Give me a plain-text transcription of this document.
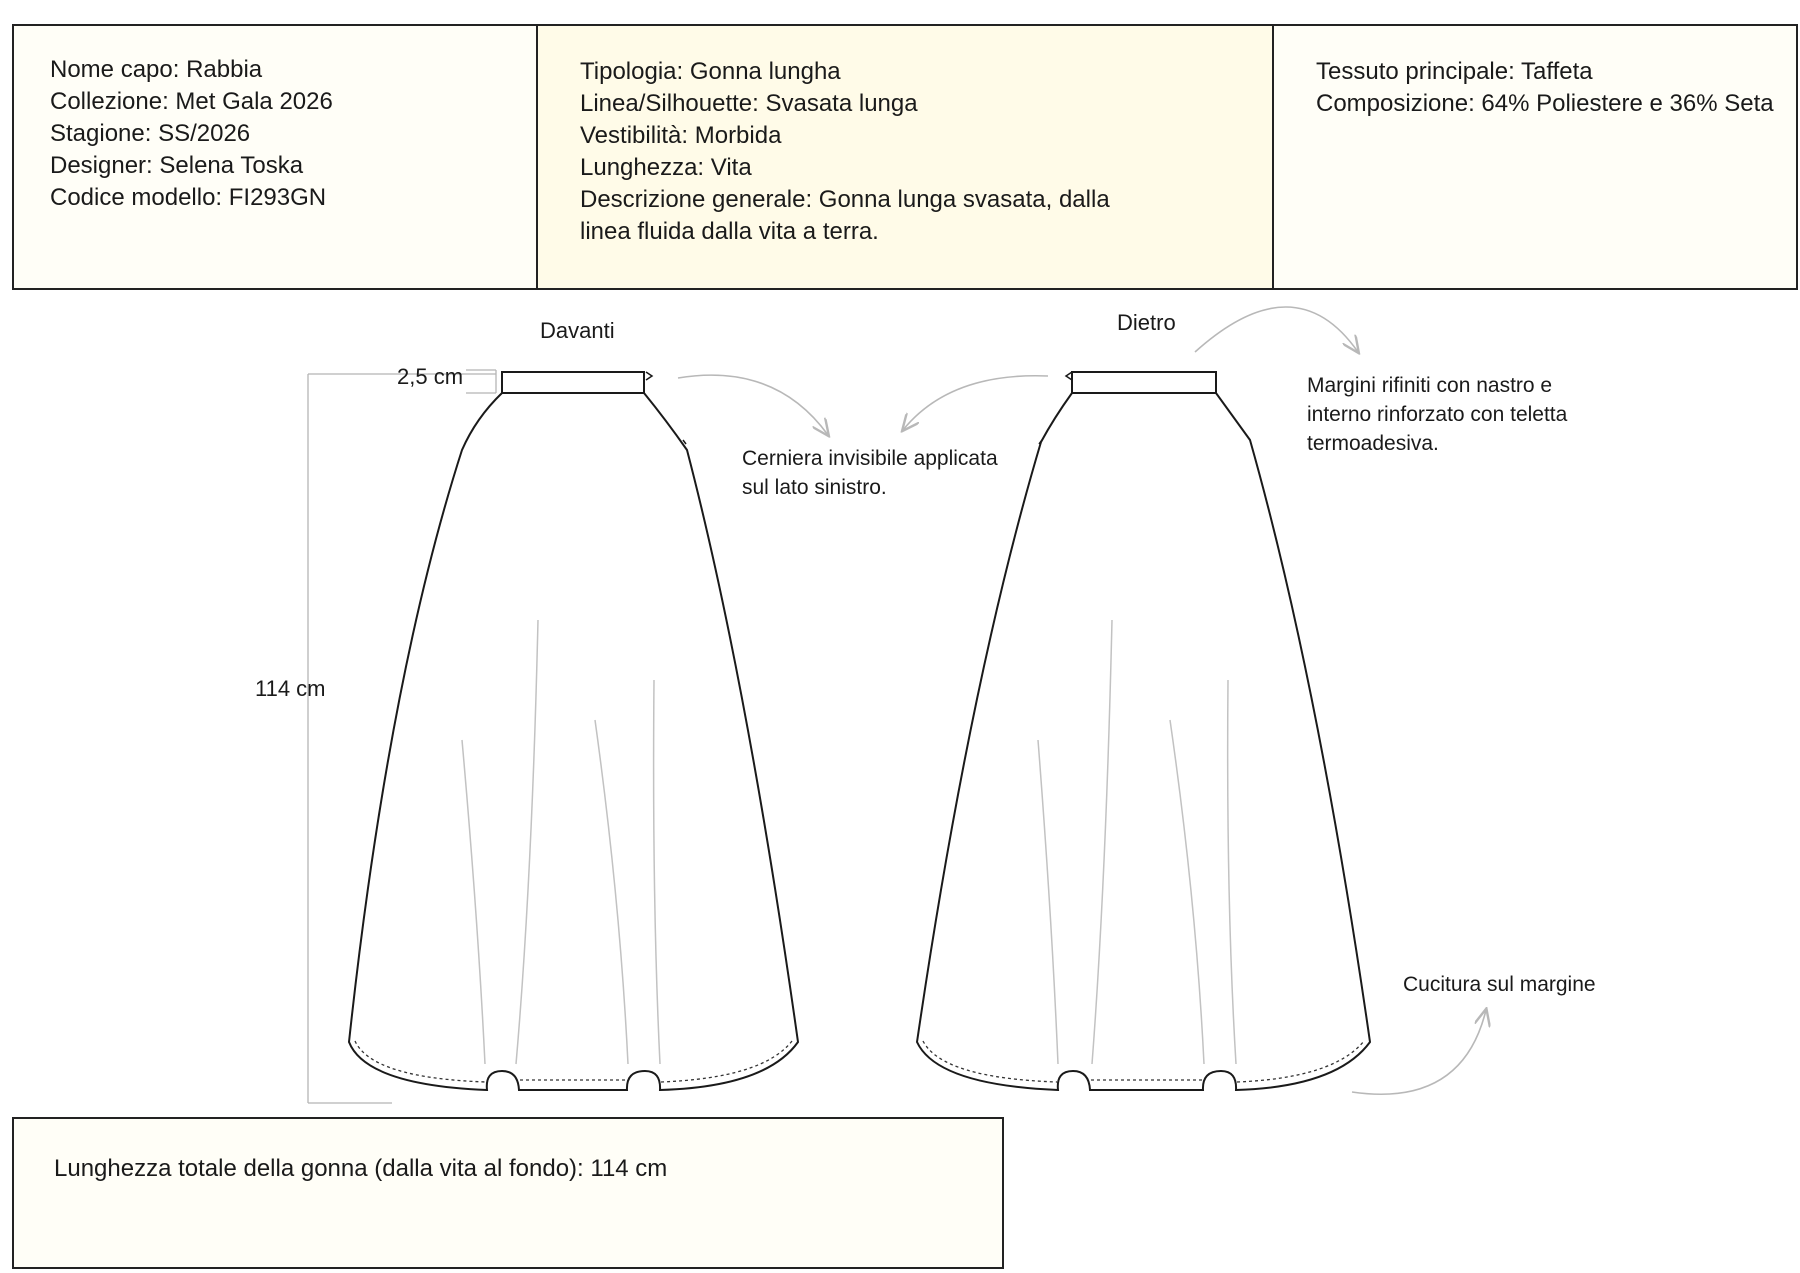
Nome capo: Rabbia
Collezione: Met Gala 2026
Stagione: SS/2026
Designer: Selena Toska
Codice modello: FI293GN
Tipologia: Gonna lungha
Linea/Silhouette: Svasata lunga
Vestibilità: Morbida
Lunghezza: Vita
Descrizione generale: Gonna lunga svasata, dalla linea fluida dalla vita a terra.
Tessuto principale: Taffeta
Composizione: 64% Poliestere e 36% Seta
Davanti	Dietro
2,5 cm
114 cm
Cerniera invisibile applicata sul lato sinistro.
Margini rifiniti con nastro e interno rinforzato con teletta termoadesiva.
Cucitura sul margine
Lunghezza totale della gonna (dalla vita al fondo): 114 cm
